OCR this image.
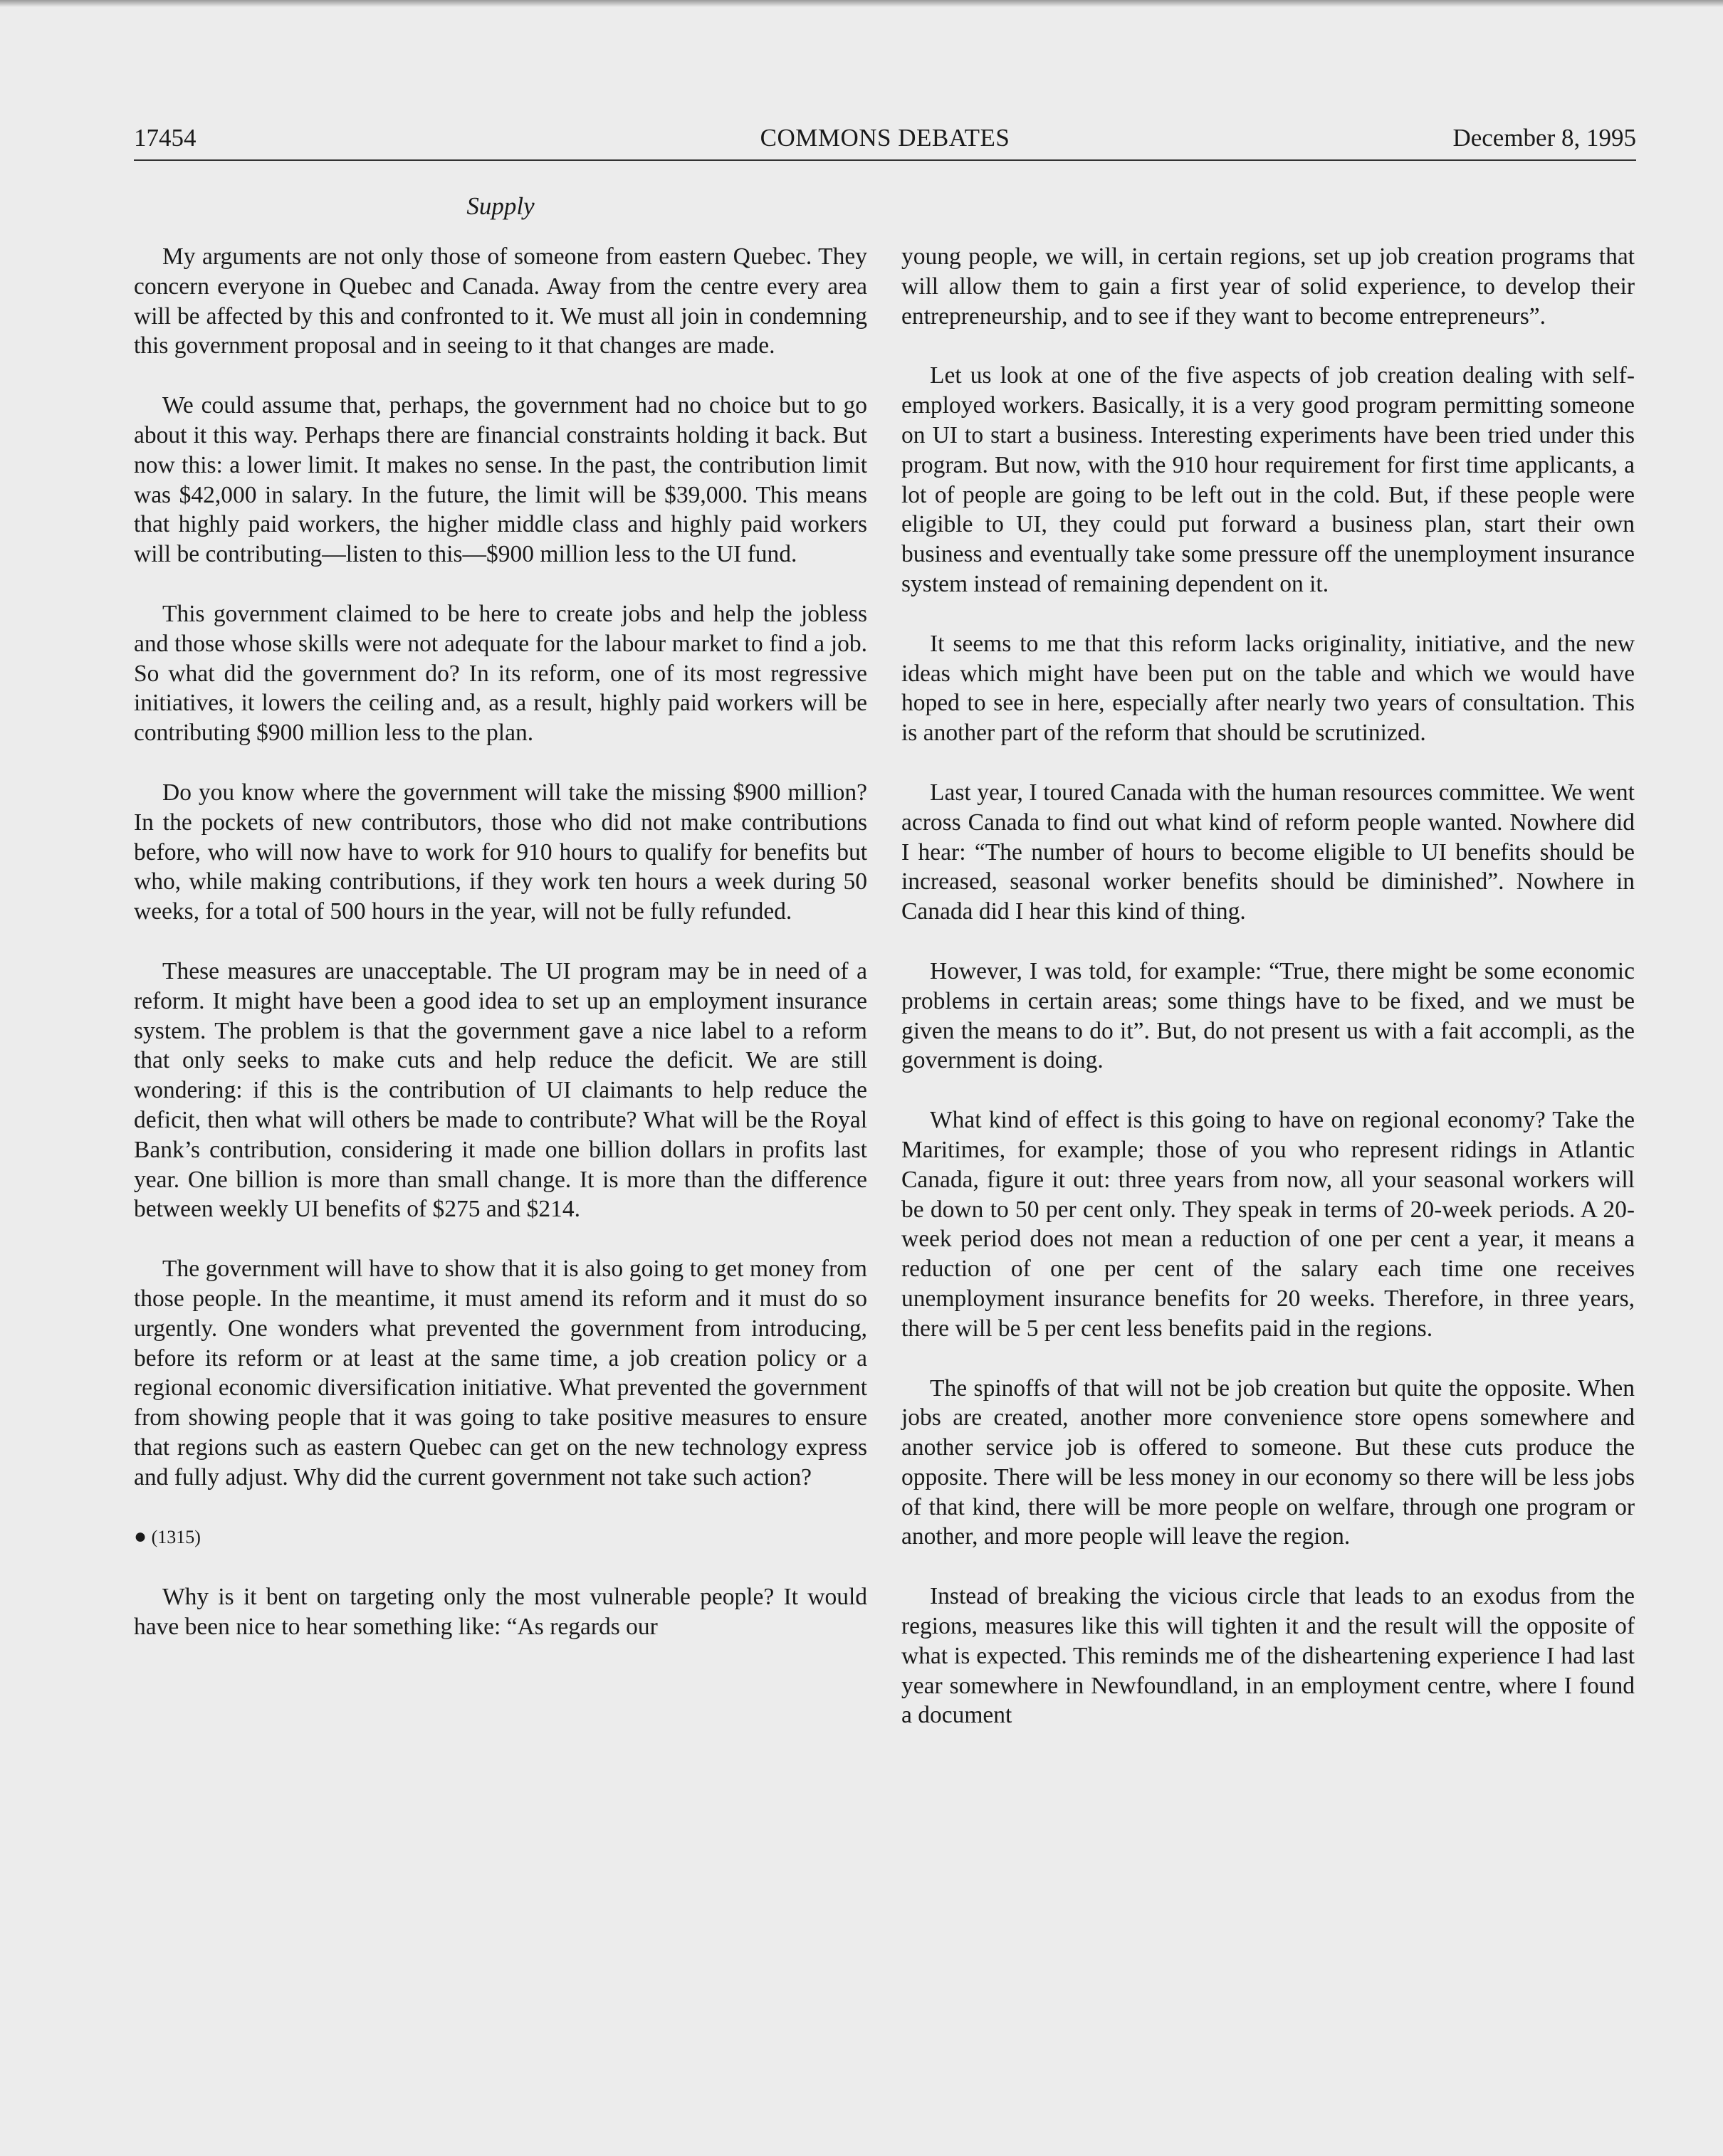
17454	COMMONS DEBATES	December 8, 1995
Supply

My arguments are not only those of someone from eastern Quebec. They concern everyone in Quebec and Canada. Away from the centre every area will be affected by this and confronted to it. We must all join in condemning this government proposal and in seeing to it that changes are made.

We could assume that, perhaps, the government had no choice but to go about it this way. Perhaps there are financial constraints holding it back. But now this: a lower limit. It makes no sense. In the past, the contribution limit was $42,000 in salary. In the future, the limit will be $39,000. This means that highly paid workers, the higher middle class and highly paid workers will be contributing—listen to this—$900 million less to the UI fund.

This government claimed to be here to create jobs and help the jobless and those whose skills were not adequate for the labour market to find a job. So what did the government do? In its reform, one of its most regressive initiatives, it lowers the ceiling and, as a result, highly paid workers will be contributing $900 million less to the plan.

Do you know where the government will take the missing $900 million? In the pockets of new contributors, those who did not make contributions before, who will now have to work for 910 hours to qualify for benefits but who, while making contributions, if they work ten hours a week during 50 weeks, for a total of 500 hours in the year, will not be fully refunded.

These measures are unacceptable. The UI program may be in need of a reform. It might have been a good idea to set up an employment insurance system. The problem is that the government gave a nice label to a reform that only seeks to make cuts and help reduce the deficit. We are still wondering: if this is the contribution of UI claimants to help reduce the deficit, then what will others be made to contribute? What will be the Royal Bank’s contribution, considering it made one billion dollars in profits last year. One billion is more than small change. It is more than the difference between weekly UI benefits of $275 and $214.

The government will have to show that it is also going to get money from those people. In the meantime, it must amend its reform and it must do so urgently. One wonders what prevented the government from introducing, before its reform or at least at the same time, a job creation policy or a regional economic diversification initiative. What prevented the government from showing people that it was going to take positive measures to ensure that regions such as eastern Quebec can get on the new technology express and fully adjust. Why did the current government not take such action?

● (1315)

Why is it bent on targeting only the most vulnerable people? It would have been nice to hear something like: “As regards our

young people, we will, in certain regions, set up job creation programs that will allow them to gain a first year of solid experience, to develop their entrepreneurship, and to see if they want to become entrepreneurs”.

Let us look at one of the five aspects of job creation dealing with self-employed workers. Basically, it is a very good program permitting someone on UI to start a business. Interesting experiments have been tried under this program. But now, with the 910 hour requirement for first time applicants, a lot of people are going to be left out in the cold. But, if these people were eligible to UI, they could put forward a business plan, start their own business and eventually take some pressure off the unemployment insurance system instead of remaining dependent on it.

It seems to me that this reform lacks originality, initiative, and the new ideas which might have been put on the table and which we would have hoped to see in here, especially after nearly two years of consultation. This is another part of the reform that should be scrutinized.

Last year, I toured Canada with the human resources committee. We went across Canada to find out what kind of reform people wanted. Nowhere did I hear: “The number of hours to become eligible to UI benefits should be increased, seasonal worker benefits should be diminished”. Nowhere in Canada did I hear this kind of thing.

However, I was told, for example: “True, there might be some economic problems in certain areas; some things have to be fixed, and we must be given the means to do it”. But, do not present us with a fait accompli, as the government is doing.

What kind of effect is this going to have on regional economy? Take the Maritimes, for example; those of you who represent ridings in Atlantic Canada, figure it out: three years from now, all your seasonal workers will be down to 50 per cent only. They speak in terms of 20-week periods. A 20-week period does not mean a reduction of one per cent a year, it means a reduction of one per cent of the salary each time one receives unemployment insurance benefits for 20 weeks. Therefore, in three years, there will be 5 per cent less benefits paid in the regions.

The spinoffs of that will not be job creation but quite the opposite. When jobs are created, another more convenience store opens somewhere and another service job is offered to someone. But these cuts produce the opposite. There will be less money in our economy so there will be less jobs of that kind, there will be more people on welfare, through one program or another, and more people will leave the region.

Instead of breaking the vicious circle that leads to an exodus from the regions, measures like this will tighten it and the result will the opposite of what is expected. This reminds me of the disheartening experience I had last year somewhere in Newfoundland, in an employment centre, where I found a document
